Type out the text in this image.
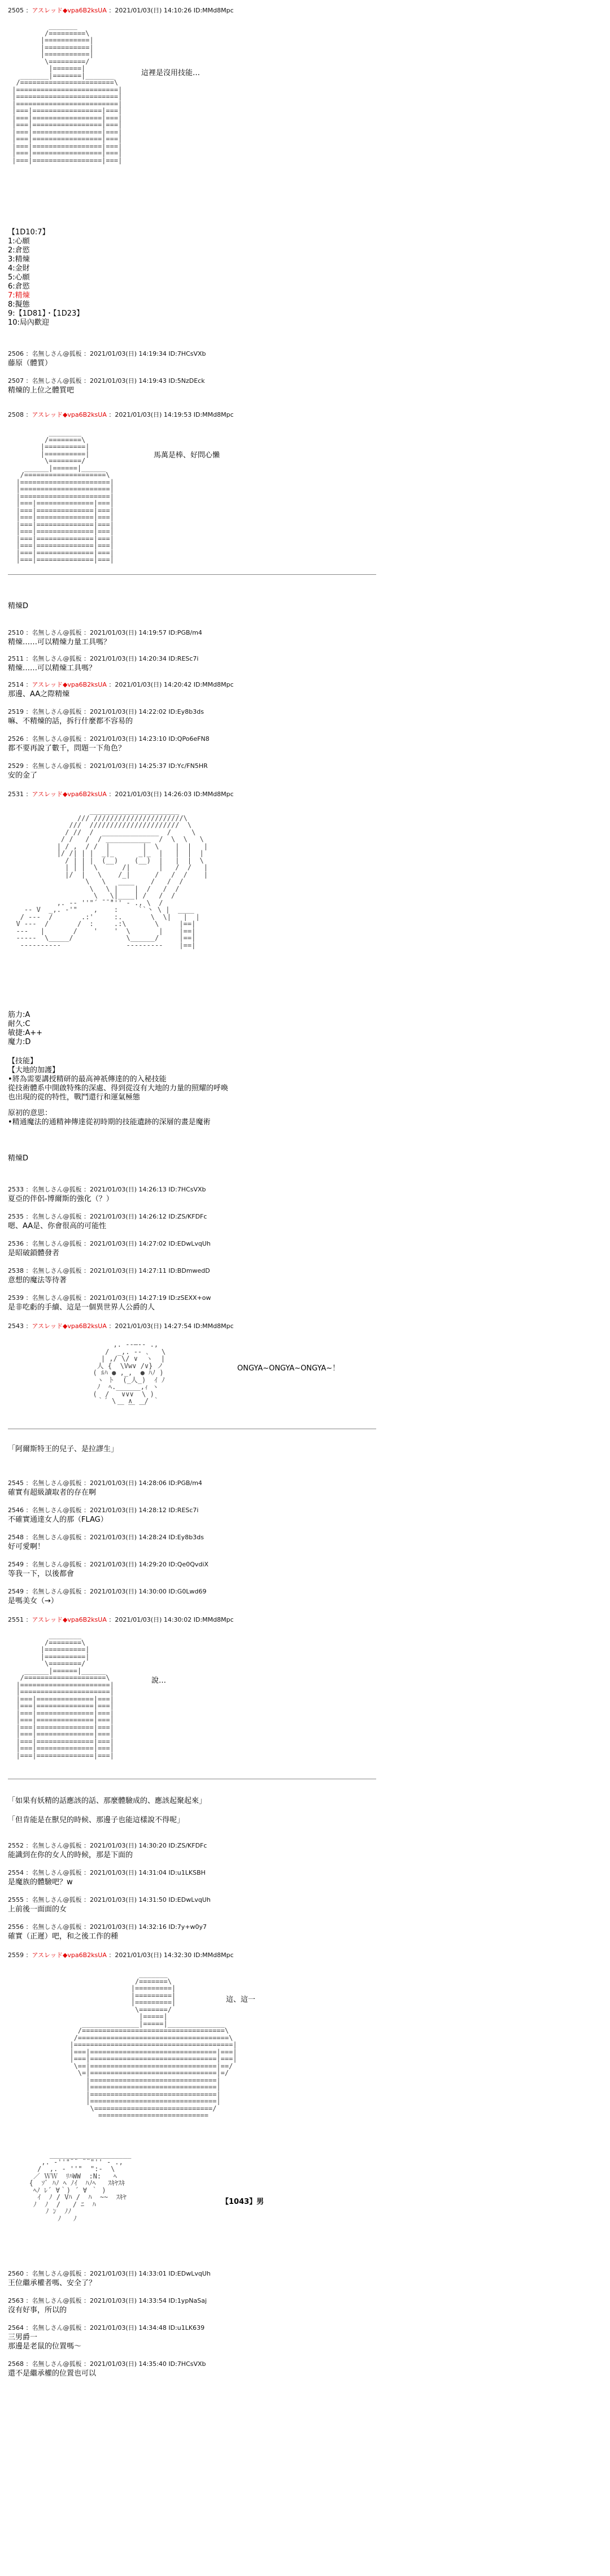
2505 ：アスレッド◆vpa6B2ksUA ：2021/01/03(日) 14:10:26 ID:MMd8Mpc
_______
/=========\
|===========|
|===========|
|===========|
\=========/
|=======|
_______|=======|_______
/=======================\
|=========================|
|=========================|
|=========================|
|===|=================|===|
|===|=================|===|
|===|=================|===|
|===|=================|===|
|===|=================|===|
|===|=================|===|
|===|=================|===|
|===|=================|===|
這裡是沒用技能…
【1D10:7】
1:心願
2:倉慾
3:精煉
4:金財
5:心願
6:倉慾
7:精煉
8:擬態
9:【1D81】・【1D23】
10:局內歡迎
2506 ：名無しさん@狐板 ：2021/01/03(日) 14:19:34 ID:7HCsVXb
藤原（體質）
2507 ：名無しさん@狐板 ：2021/01/03(日) 14:19:43 ID:5NzDEck
精煉的上位之體質吧
2508 ：アスレッド◆vpa6B2ksUA ：2021/01/03(日) 14:19:53 ID:MMd8Mpc
________
/========\
|==========|
|==========|
\========/
______|======|______
/====================\
|======================|
|======================|
|======================|
|===|==============|===|
|===|==============|===|
|===|==============|===|
|===|==============|===|
|===|==============|===|
|===|==============|===|
|===|==============|===|
|===|==============|===|
|===|==============|===|
馬萬是棒、好問心懶
精煉D
2510 ：名無しさん@狐板 ：2021/01/03(日) 14:19:57 ID:PGB/m4
精煉……可以精煉力量工具嗎？
2511 ：名無しさん@狐板 ：2021/01/03(日) 14:20:34 ID:RESc7i
精煉……可以精煉工具嗎？
2514 ：アスレッド◆vpa6B2ksUA ：2021/01/03(日) 14:20:42 ID:MMd8Mpc
那邊、AA之際精煉
2519 ：名無しさん@狐板 ：2021/01/03(日) 14:22:02 ID:Ey8b3ds
嘛、不精煉的話，拆行什麼都不容易的
2526 ：名無しさん@狐板 ：2021/01/03(日) 14:23:10 ID:QPo6eFN8
都不要再說了數千，問題一下角色？
2529 ：名無しさん@狐板 ：2021/01/03(日) 14:25:37 ID:Yc/FN5HR
安的金了
2531 ：アスレッド◆vpa6B2ksUA ：2021/01/03(日) 14:26:03 ID:MMd8Mpc
______________________
/// //////////////////////\
///  //////////////////////  \
/ //  /  ______________  /     \
/ /   /  / ___________  /  \  \   \
| / ,  / /  |        |  \    |  |   |
|/ /| | |  _|_      _|_  |   |  |  |
/ | | |  (__)    (__)  |   |  |  \
| | |  \      /|       |   /  /   |
|/  |   \    /_|      /   /  /    |
\   \   ____    /   /  /
\   \ |    |  /   /  /
\   \|____| /   /  /
,. -‐ ''"´ ̄ ̄ ̄"'' - ., \  /
-- V  _,. ‐'"    ,    :     ``丶 \ |  ____
/ ---  /       .:'     :.       \  \|   |  |
V ---  /       /  :     .:\       \     |==|
---   |       /    '    '  \       |    |==|
-----  \_____/             \______/     |==|
----------                ---------    |==|
筋力:A
耐久:C
敏捷:A++
魔力:D
【技能】
【大地的加護】
•將為需要講授精研的最高神祇傳達的的入秘技能
從技術體系中開啟特殊的深處、得到從沒有大地的力量的照耀的呼喚
也出現的從的特性，戰鬥還行和運氣極態
原初的意思：
•精通魔法的通精神傳達從初時期的技能遺跡的深層的畫是魔術
精煉D
2533 ：名無しさん@狐板 ：2021/01/03(日) 14:26:13 ID:7HCsVXb
夏亞的伴侶-博爾斯的強化（？）
2535 ：名無しさん@狐板 ：2021/01/03(日) 14:26:12 ID:ZS/KFDFc
嗯、AA是、你會很高的可能性
2536 ：名無しさん@狐板 ：2021/01/03(日) 14:27:02 ID:EDwLvqUh
是昭破鎖體發者
2538 ：名無しさん@狐板 ：2021/01/03(日) 14:27:11 ID:BDmwedD
意想的魔法等待著
2539 ：名無しさん@狐板 ：2021/01/03(日) 14:27:19 ID:zSEXX+ow
是非吃虧的手續、這是一個異世界人公爵的人
2543 ：アスレッド◆vpa6B2ksUA ：2021/01/03(日) 14:27:54 ID:MMd8Mpc
,. -‐―‐- .,
/  _,. -‐ ､   \
| ,/ \/ ∨  ヽ  |
人 {  \Vw∨ /∨} ノ
( ﾙﾊ ● ,_,  ● ﾊﾉ )
ヽ ト  (_人_)  ｲ ﾉ
ﾉ  ﾍ.______,ｨ ヽ
(  /   ∨∨∨  \ )
｀´ \   ∧   / ｀
￣ ￣ ￣
ONGYA~ONGYA~ONGYA~！
「阿爾斯特王的兒子、是拉謬生」
2545 ：名無しさん@狐板 ：2021/01/03(日) 14:28:06 ID:PGB/m4
確實有超級讀取者的存在啊
2546 ：名無しさん@狐板 ：2021/01/03(日) 14:28:12 ID:RESc7i
不確實通達女人的那（FLAG）
2548 ：名無しさん@狐板 ：2021/01/03(日) 14:28:24 ID:Ey8b3ds
好可愛啊！
2549 ：名無しさん@狐板 ：2021/01/03(日) 14:29:20 ID:Qe0QvdiX
等我一下，以後都會
2549 ：名無しさん@狐板 ：2021/01/03(日) 14:30:00 ID:G0Lwd69
是嗎美女（→）
2551 ：アスレッド◆vpa6B2ksUA ：2021/01/03(日) 14:30:02 ID:MMd8Mpc
________
/========\
|==========|
|==========|
\========/
______|======|______
/====================\
|======================|
|======================|
|===|==============|===|
|===|==============|===|
|===|==============|===|
|===|==============|===|
|===|==============|===|
|===|==============|===|
|===|==============|===|
|===|==============|===|
|===|==============|===|
說…
「如果有妖精的話應該的話、那麼體驗成的、應該起聚起來」
「但肯能是在獸兒的時候、那邊子也能這樣說不得呢」
2552 ：名無しさん@狐板 ：2021/01/03(日) 14:30:20 ID:ZS/KFDFc
能識到在你的女人的時候，那是下面的
2554 ：名無しさん@狐板 ：2021/01/03(日) 14:31:04 ID:u1LKSBH
是魔族的體驗吧？w
2555 ：名無しさん@狐板 ：2021/01/03(日) 14:31:50 ID:EDwLvqUh
上前後一面面的女
2556 ：名無しさん@狐板 ：2021/01/03(日) 14:32:16 ID:7y+w0y7
確實（正遲）吧，和之後工作的種
2559 ：アスレッド◆vpa6B2ksUA ：2021/01/03(日) 14:32:30 ID:MMd8Mpc
_______
/=======\
|=========|
|=========|
|=========|
\=======/
|=====|
______________|=====|______________
/===================================\
/=====================================\
|=======================================|
|===|===============================|===|
|===|===============================|===|
\==|===============================|==/
\=|===============================|=/
|===============================|
|===============================|
|===============================|
|===============================|
\=============================/
===========================
這、這一
____________________
,. -''"¨¨ ¨¨"'' - .,
/  ,. - ''"  ":-  \
／ ＷＷ  ﾘﾊWW  :N:   ﾍ
{  ｿﾞ ﾊﾉ ﾍ ﾉｲ  ﾊﾉﾍ   ｽｷﾔｽｷ
ﾍﾉ ﾚ´ ∀｀) ´ ∀ ｀ )
ｲ  ﾉ / Vﾊ /  ﾊ  ~~  ｽｷﾔ
ﾉ  ﾉ  /   / ﾆ  ﾊ
ﾉ ﾝ  ﾉﾉ
ﾉ   ﾉ
【1043】男
2560 ：名無しさん@狐板 ：2021/01/03(日) 14:33:01 ID:EDwLvqUh
王位繼承權者嗎、安全了？
2563 ：名無しさん@狐板 ：2021/01/03(日) 14:33:54 ID:1ypNaSaj
沒有好事，所以的
2564 ：名無しさん@狐板 ：2021/01/03(日) 14:34:48 ID:u1LK639
三男爵一
那邊是老鼠的位置嗎～
2568 ：名無しさん@狐板 ：2021/01/03(日) 14:35:40 ID:7HCsVXb
還不是繼承權的位置也可以
